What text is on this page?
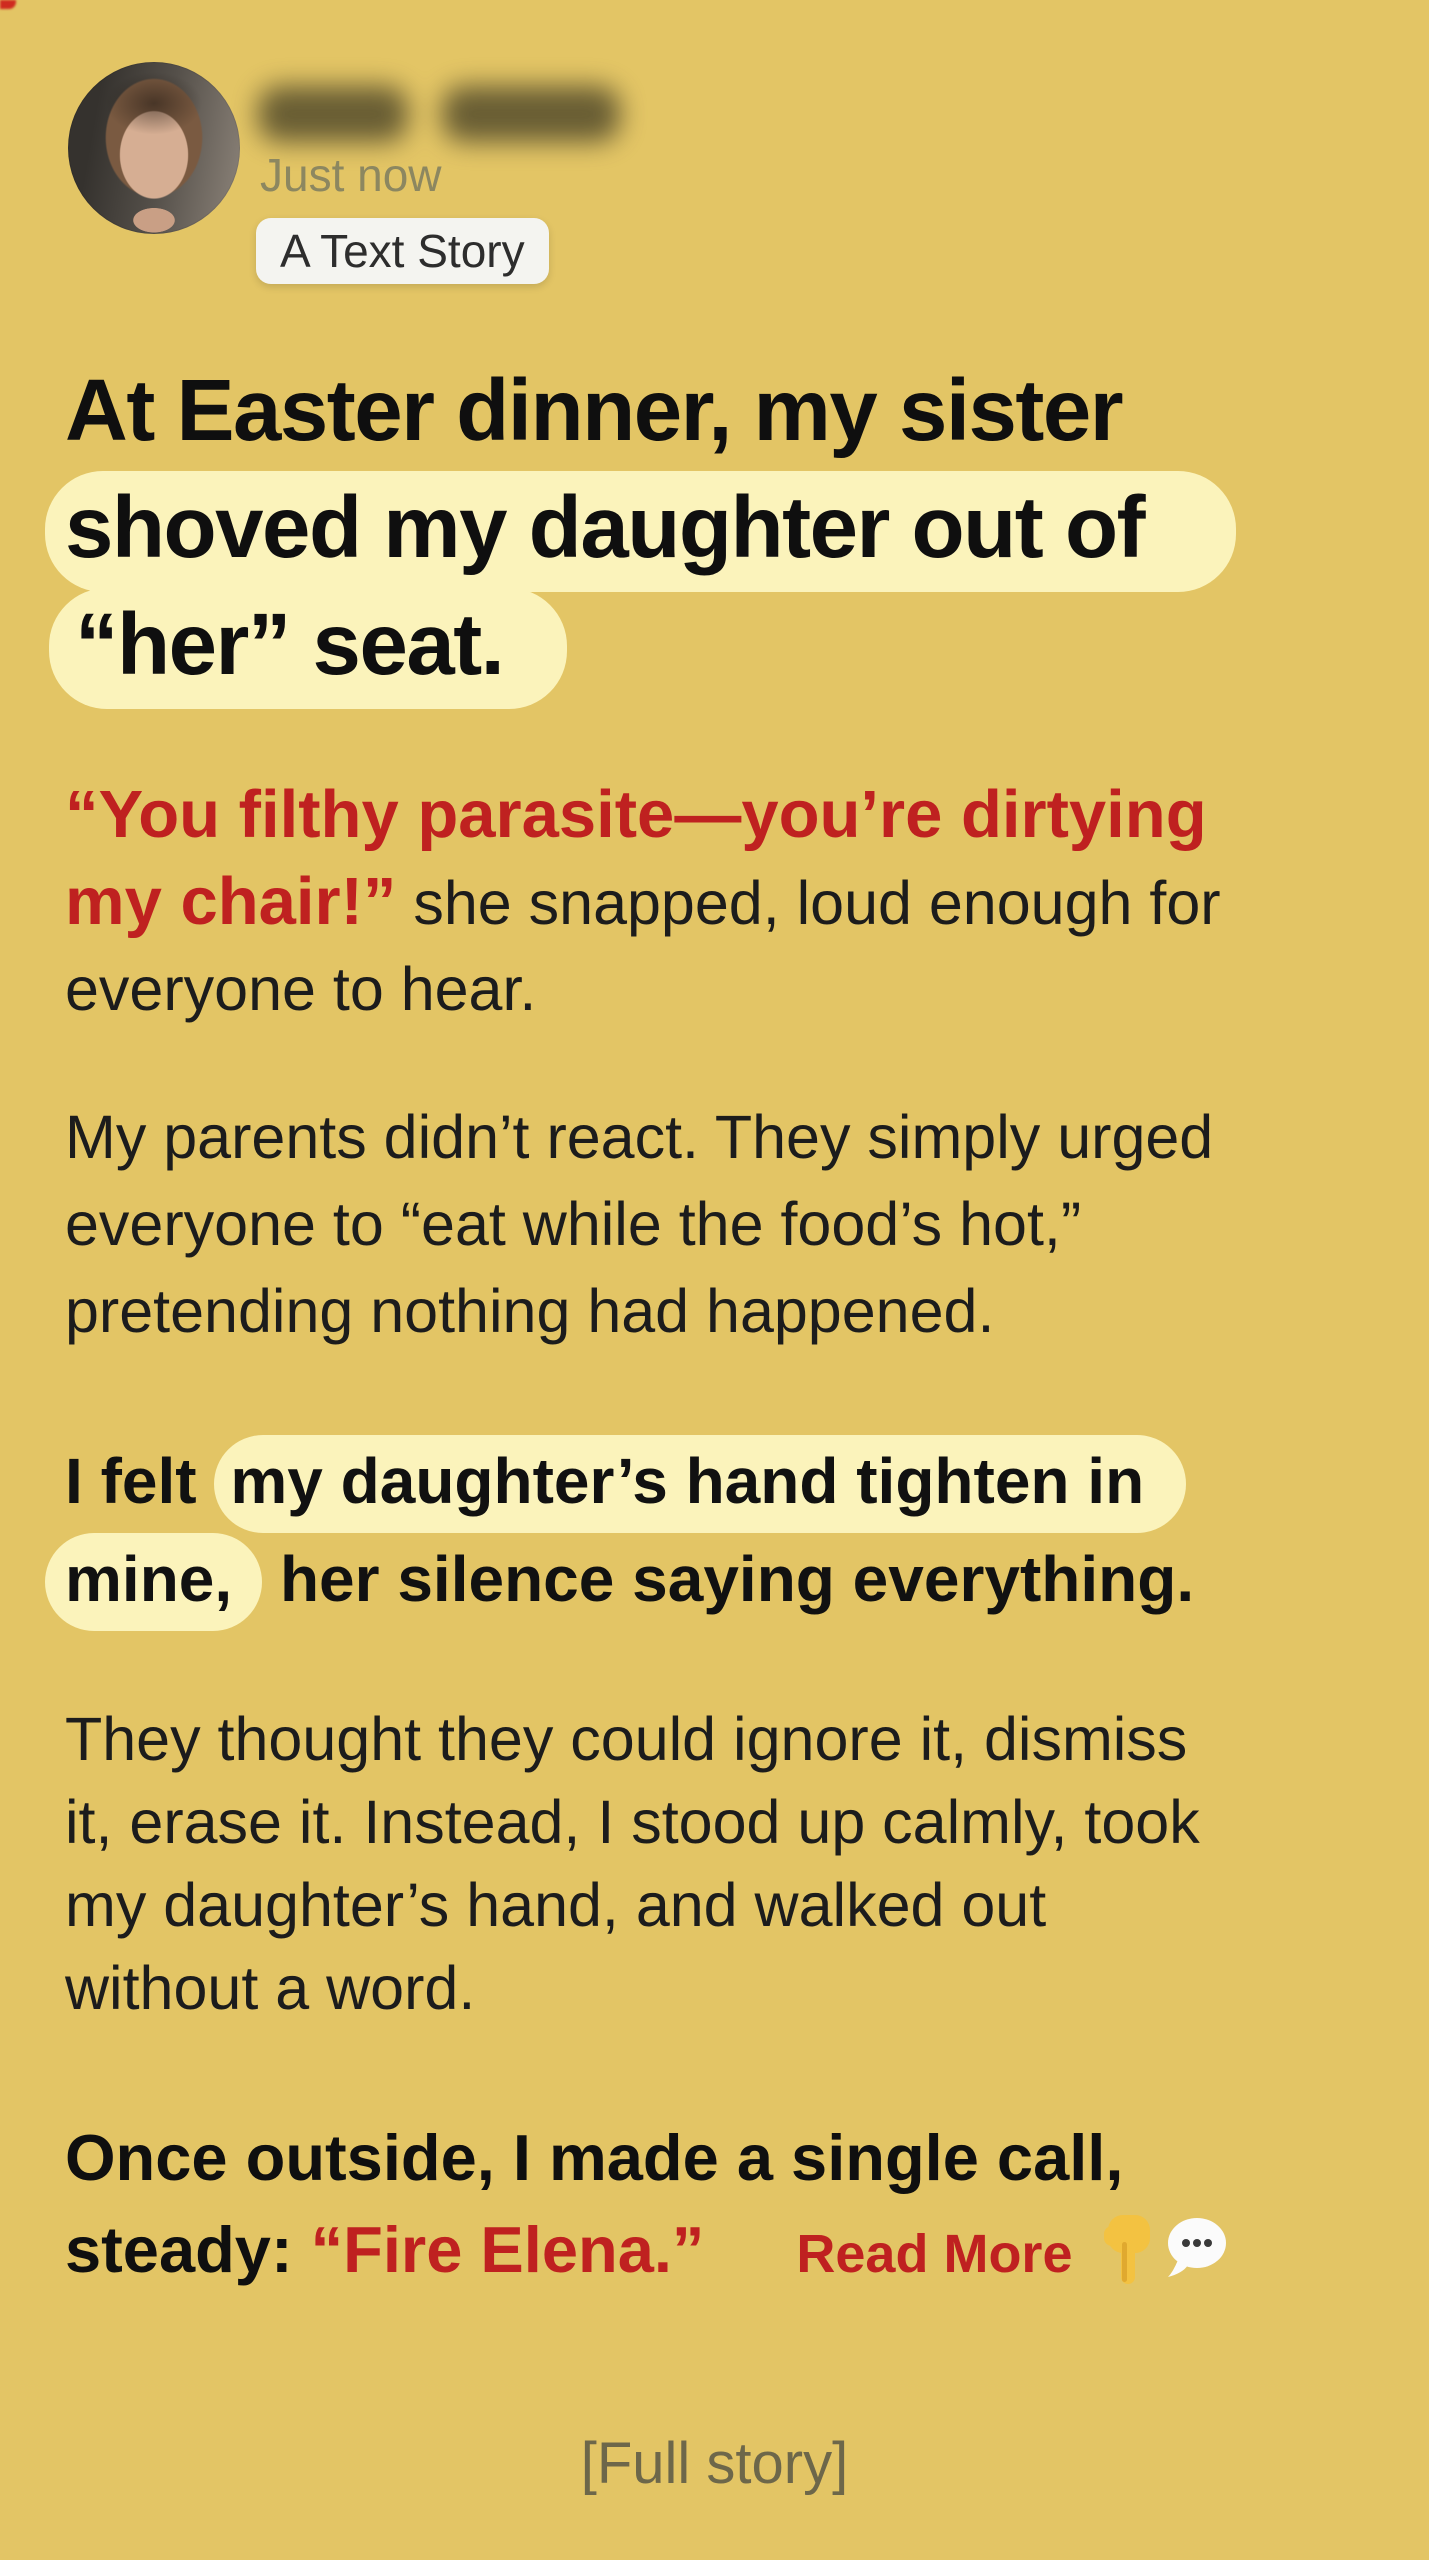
Just now
A Text Story
At Easter dinner, my sister
shoved my daughter out of
“her” seat.
“You filthy parasite—you’re dirtying
my chair!” she snapped, loud enough for
everyone to hear.
My parents didn’t react. They simply urged
everyone to “eat while the food’s hot,”
pretending nothing had happened.
I felt my daughter’s hand tighten in
mine, her silence saying everything.
They thought they could ignore it, dismiss
it, erase it. Instead, I stood up calmly, took
my daughter’s hand, and walked out
without a word.
Once outside, I made a single call,
steady: “Fire Elena.” Read More
[Full story]
